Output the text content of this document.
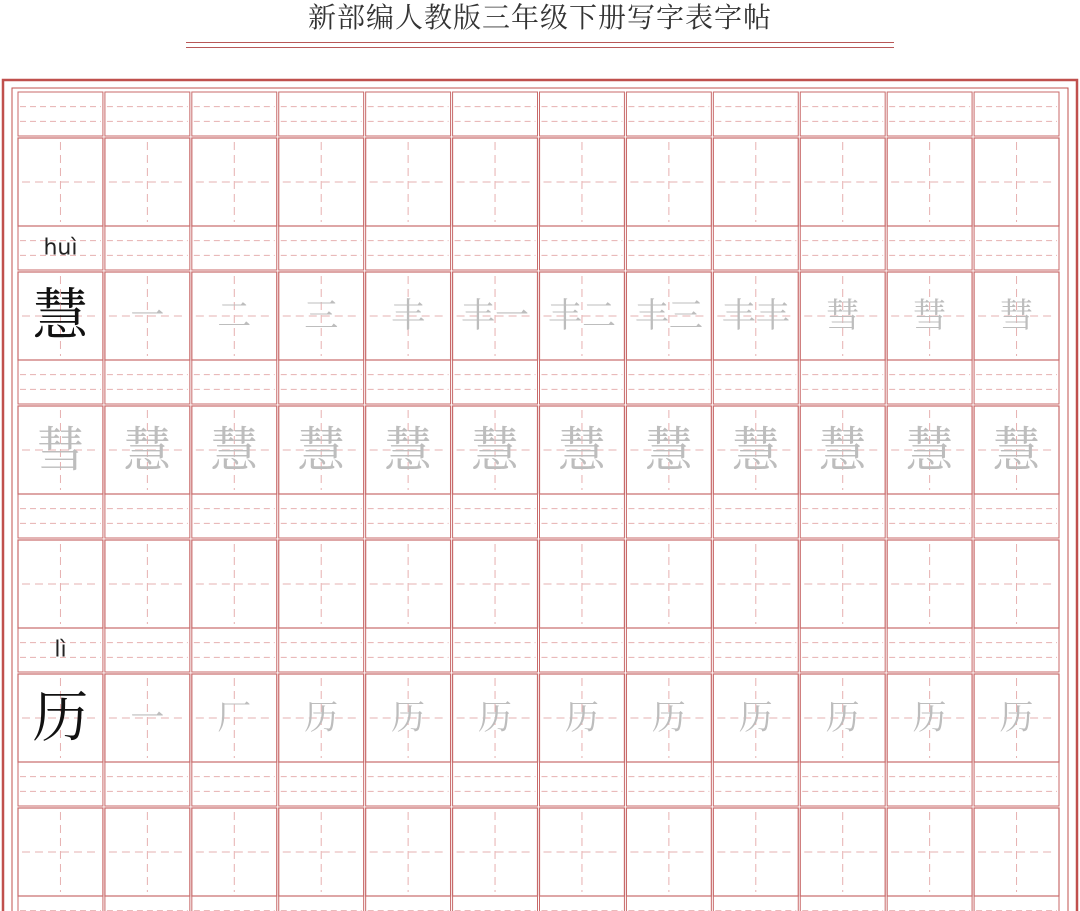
新部编人教版三年级下册写字表字帖
huì
慧 一 二 三 丰 丰一 丰二 丰三 丰丰 彗 彗 彗
彗 慧 慧 慧 慧 慧 慧 慧 慧 慧 慧 慧
lì
历 一 厂 历 历 历 历 历 历 历 历 历
